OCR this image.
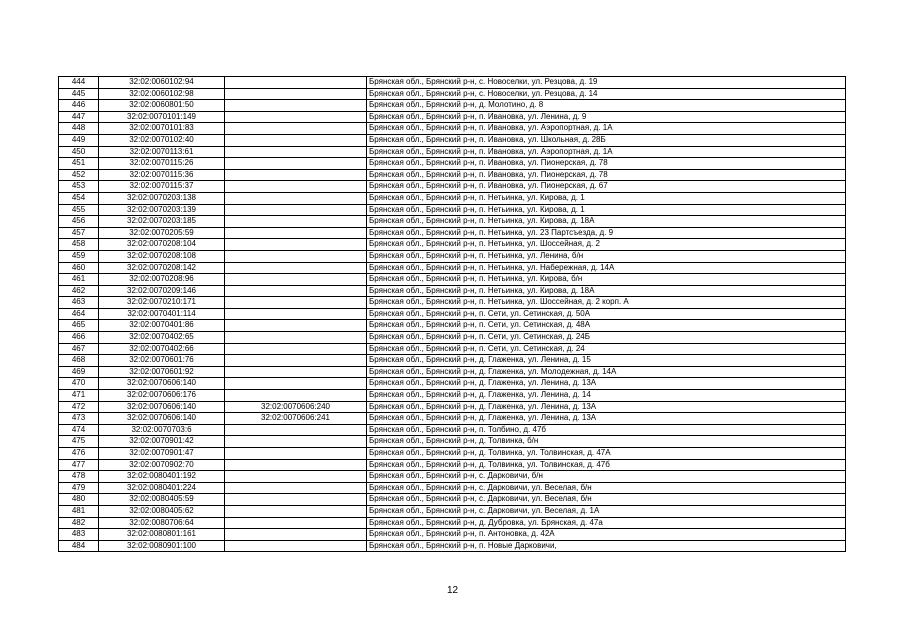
444	32:02:0060102:94		Брянская обл., Брянский р-н, с. Новоселки, ул. Резцова, д. 19
445	32:02:0060102:98		Брянская обл., Брянский р-н, с. Новоселки, ул. Резцова, д. 14
446	32:02:0060801:50		Брянская обл., Брянский р-н, д. Молотино, д. 8
447	32:02:0070101:149		Брянская обл., Брянский р-н, п. Ивановка, ул. Ленина, д. 9
448	32:02:0070101:83		Брянская обл., Брянский р-н, п. Ивановка, ул. Аэропортная, д. 1А
449	32:02:0070102:40		Брянская обл., Брянский р-н, п. Ивановка, ул. Школьная, д. 28Б
450	32:02:0070113:61		Брянская обл., Брянский р-н, п. Ивановка, ул. Аэропортная, д. 1А
451	32:02:0070115:26		Брянская обл., Брянский р-н, п. Ивановка, ул. Пионерская, д. 78
452	32:02:0070115:36		Брянская обл., Брянский р-н, п. Ивановка, ул. Пионерская, д. 78
453	32:02:0070115:37		Брянская обл., Брянский р-н, п. Ивановка, ул. Пионерская, д. 67
454	32:02:0070203:138		Брянская обл., Брянский р-н, п. Нетьинка, ул. Кирова, д. 1
455	32:02:0070203:139		Брянская обл., Брянский р-н, п. Нетьинка, ул. Кирова, д. 1
456	32:02:0070203:185		Брянская обл., Брянский р-н, п. Нетьинка, ул. Кирова, д. 18А
457	32:02:0070205:59		Брянская обл., Брянский р-н, п. Нетьинка, ул. 23 Партсъезда, д. 9
458	32:02:0070208:104		Брянская обл., Брянский р-н, п. Нетьинка, ул. Шоссейная, д. 2
459	32:02:0070208:108		Брянская обл., Брянский р-н, п. Нетьинка, ул. Ленина, б/н
460	32:02:0070208:142		Брянская обл., Брянский р-н, п. Нетьинка, ул. Набережная, д. 14А
461	32:02:0070208:96		Брянская обл., Брянский р-н, п. Нетьинка, ул. Кирова, б/н
462	32:02:0070209:146		Брянская обл., Брянский р-н, п. Нетьинка, ул. Кирова, д. 18А
463	32:02:0070210:171		Брянская обл., Брянский р-н, п. Нетьинка, ул. Шоссейная, д. 2 корп. А
464	32:02:0070401:114		Брянская обл., Брянский р-н, п. Сети, ул. Сетинская, д. 50А
465	32:02:0070401:86		Брянская обл., Брянский р-н, п. Сети, ул. Сетинская, д. 48А
466	32:02:0070402:65		Брянская обл., Брянский р-н, п. Сети, ул. Сетинская, д. 24Б
467	32:02:0070402:66		Брянская обл., Брянский р-н, п. Сети, ул. Сетинская, д. 24
468	32:02:0070601:76		Брянская обл., Брянский р-н, д. Глаженка, ул. Ленина, д. 15
469	32:02:0070601:92		Брянская обл., Брянский р-н, д. Глаженка, ул. Молодежная, д. 14А
470	32:02:0070606:140		Брянская обл., Брянский р-н, д. Глаженка, ул. Ленина, д. 13А
471	32:02:0070606:176		Брянская обл., Брянский р-н, д. Глаженка, ул. Ленина, д. 14
472	32:02:0070606:140	32:02:0070606:240	Брянская обл., Брянский р-н, д. Глаженка, ул. Ленина, д. 13А
473	32:02:0070606:140	32:02:0070606:241	Брянская обл., Брянский р-н, д. Глаженка, ул. Ленина, д. 13А
474	32:02:0070703:6		Брянская обл., Брянский р-н, п. Толбино, д. 47б
475	32:02:0070901:42		Брянская обл., Брянский р-н, д. Толвинка, б/н
476	32:02:0070901:47		Брянская обл., Брянский р-н, д. Толвинка, ул. Толвинская, д. 47А
477	32:02:0070902:70		Брянская обл., Брянский р-н, д. Толвинка, ул. Толвинская, д. 47б
478	32:02:0080401:192		Брянская обл., Брянский р-н, с. Дарковичи, б/н
479	32:02:0080401:224		Брянская обл., Брянский р-н, с. Дарковичи, ул. Веселая, б/н
480	32:02:0080405:59		Брянская обл., Брянский р-н, с. Дарковичи, ул. Веселая, б/н
481	32:02:0080405:62		Брянская обл., Брянский р-н, с. Дарковичи, ул. Веселая, д. 1А
482	32:02:0080706:64		Брянская обл., Брянский р-н, д. Дубровка, ул. Брянская, д. 47а
483	32:02:0080801:161		Брянская обл., Брянский р-н, п. Антоновка, д. 42А
484	32:02:0080901:100		Брянская обл., Брянский р-н, п. Новые Дарковичи,
12
